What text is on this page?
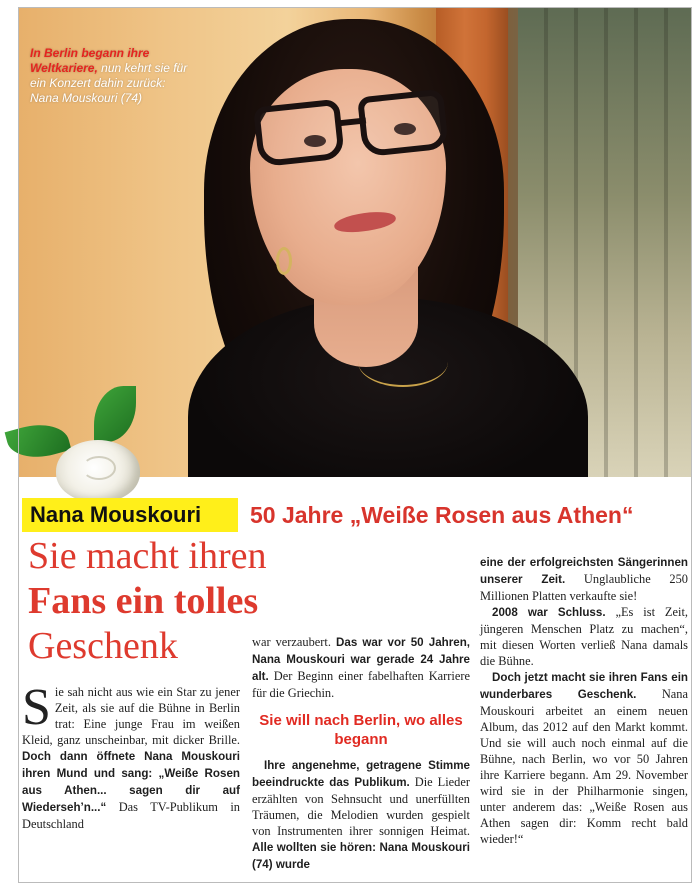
In Berlin begann ihre Weltkariere, nun kehrt sie für ein Konzert dahin zurück: Nana Mouskouri (74)
Nana Mouskouri	50 Jahre „Weiße Rosen aus Athen“
Sie macht ihren
Fans ein tolles
Geschenk

Sie sah nicht aus wie ein Star zu jener Zeit, als sie auf die Bühne in Berlin trat: Eine junge Frau im weißen Kleid, ganz unscheinbar, mit dicker Brille. Doch dann öffnete Nana Mouskouri ihren Mund und sang: „Weiße Rosen aus Athen... sagen dir auf Wiederseh’n...“ Das TV-Publikum in Deutschland

war verzaubert. Das war vor 50 Jahren, Nana Mouskouri war gerade 24 Jahre alt. Der Beginn einer fabelhaften Karriere für die Griechin.

Sie will nach Berlin, wo alles begann

Ihre angenehme, getragene Stimme beeindruckte das Publikum. Die Lieder erzählten von Sehnsucht und unerfüllten Träumen, die Melodien wurden gespielt von Instrumenten ihrer sonnigen Heimat. Alle wollten sie hören: Nana Mouskouri (74) wurde

eine der erfolgreichsten Sängerinnen unserer Zeit. Unglaubliche 250 Millionen Platten verkaufte sie!

2008 war Schluss. „Es ist Zeit, jüngeren Menschen Platz zu machen“, mit diesen Worten verließ Nana damals die Bühne.

Doch jetzt macht sie ihren Fans ein wunderbares Geschenk. Nana Mouskouri arbeitet an einem neuen Album, das 2012 auf den Markt kommt. Und sie will auch noch einmal auf die Bühne, nach Berlin, wo vor 50 Jahren ihre Karriere begann. Am 29. November wird sie in der Philharmonie singen, unter anderem das: „Weiße Rosen aus Athen sagen dir: Komm recht bald wieder!“
